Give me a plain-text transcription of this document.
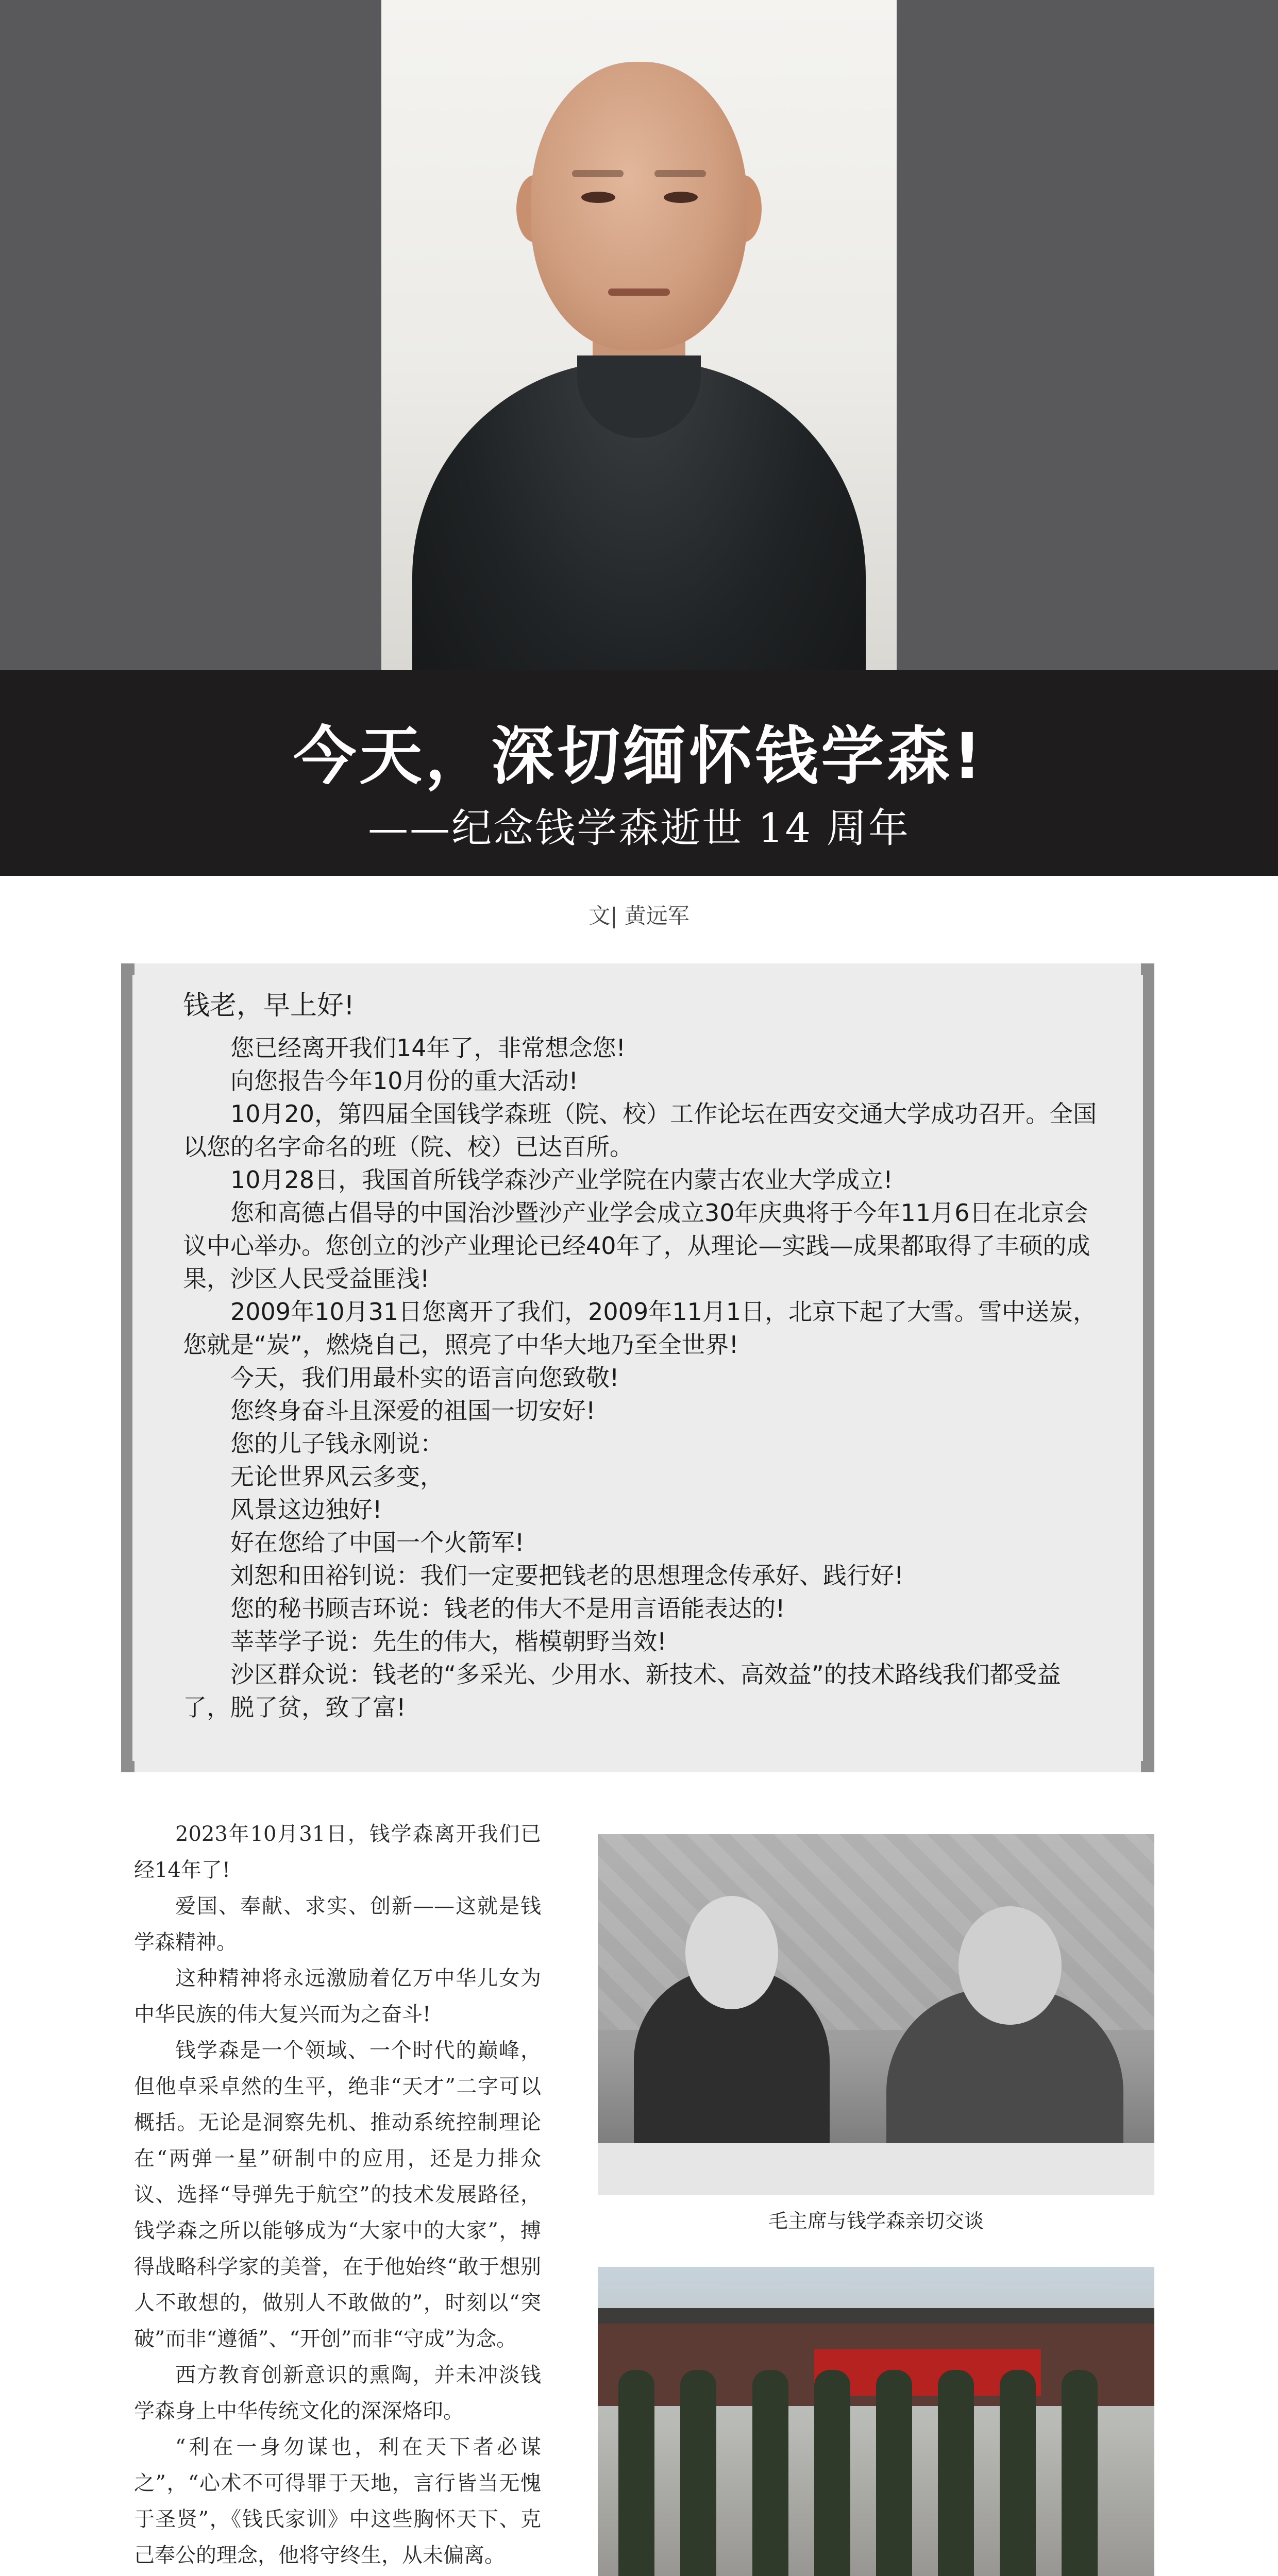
今天，深切缅怀钱学森!
——纪念钱学森逝世 14 周年
文| 黄远军

钱老，早上好!

您已经离开我们14年了，非常想念您!

向您报告今年10月份的重大活动!

10月20，第四届全国钱学森班（院、校）工作论坛在西安交通大学成功召开。全国以您的名字命名的班（院、校）已达百所。

10月28日，我国首所钱学森沙产业学院在内蒙古农业大学成立!

您和高德占倡导的中国治沙暨沙产业学会成立30年庆典将于今年11月6日在北京会议中心举办。您创立的沙产业理论已经40年了，从理论—实践—成果都取得了丰硕的成果，沙区人民受益匪浅!

2009年10月31日您离开了我们，2009年11月1日，北京下起了大雪。雪中送炭，您就是“炭”，燃烧自己，照亮了中华大地乃至全世界!

今天，我们用最朴实的语言向您致敬!

您终身奋斗且深爱的祖国一切安好!

您的儿子钱永刚说：

无论世界风云多变，

风景这边独好!

好在您给了中国一个火箭军!

刘恕和田裕钊说：我们一定要把钱老的思想理念传承好、践行好!

您的秘书顾吉环说：钱老的伟大不是用言语能表达的!

莘莘学子说：先生的伟大，楷模朝野当效!

沙区群众说：钱老的“多采光、少用水、新技术、高效益”的技术路线我们都受益了，脱了贫，致了富!

2023年10月31日，钱学森离开我们已经14年了!

爱国、奉献、求实、创新——这就是钱学森精神。

这种精神将永远激励着亿万中华儿女为中华民族的伟大复兴而为之奋斗!

钱学森是一个领域、一个时代的巅峰，但他卓采卓然的生平，绝非“天才”二字可以概括。无论是洞察先机、推动系统控制理论在“两弹一星”研制中的应用，还是力排众议、选择“导弹先于航空”的技术发展路径，钱学森之所以能够成为“大家中的大家”，搏得战略科学家的美誉，在于他始终“敢于想别人不敢想的，做别人不敢做的”，时刻以“突破”而非“遵循”、“开创”而非“守成”为念。

西方教育创新意识的熏陶，并未冲淡钱学森身上中华传统文化的深深烙印。

“利在一身勿谋也，利在天下者必谋之”，“心术不可得罪于天地，言行皆当无愧于圣贤”，《钱氏家训》中这些胸怀天下、克己奉公的理念，他将守终生，从未偏离。

毛主席与钱学森亲切交谈
